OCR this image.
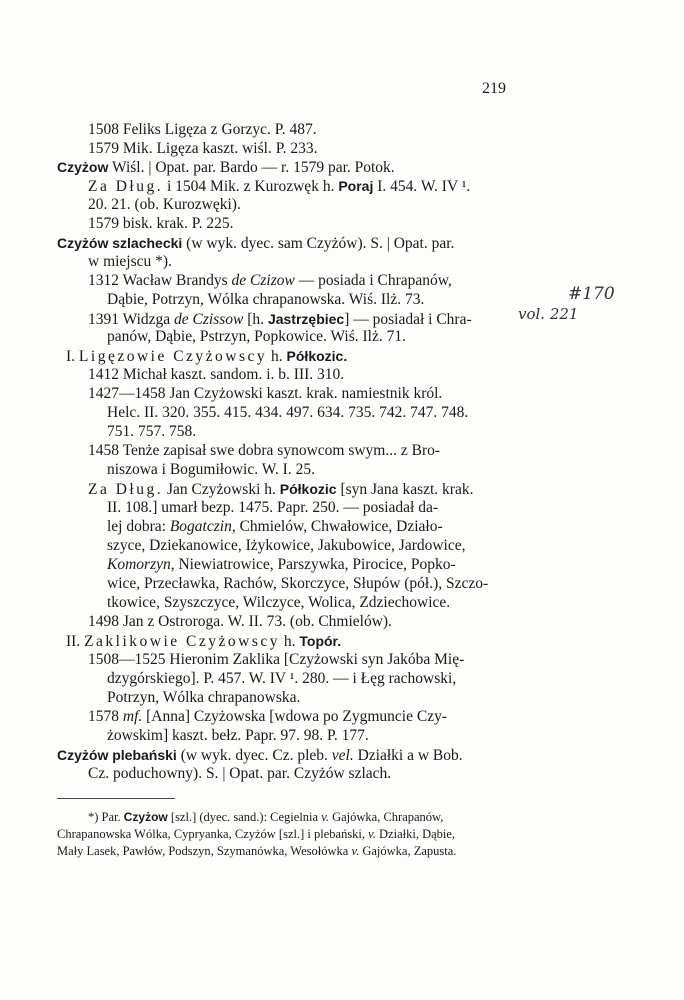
219
1508 Feliks Ligęza z Gorzyc. P. 487.
1579 Mik. Ligęza kaszt. wiśl. P. 233.
Czyżow Wiśl. | Opat. par. Bardo — r. 1579 par. Potok.
Za Dług. i 1504 Mik. z Kurozwęk h. Poraj I. 454. W. IV ¹.
20. 21. (ob. Kurozwęki).
1579 bisk. krak. P. 225.
Czyżów szlachecki (w wyk. dyec. sam Czyżów). S. | Opat. par.
w miejscu *).
1312 Wacław Brandys de Czizow — posiada i Chrapanów,
Dąbie, Potrzyn, Wólka chrapanowska. Wiś. Ilż. 73.
1391 Widzga de Czissow [h. Jastrzębiec] — posiadał i Chra-
panów, Dąbie, Pstrzyn, Popkowice. Wiś. Ilż. 71.
I. Ligęzowie Czyżowscy h. Półkozic.
1412 Michał kaszt. sandom. i. b. III. 310.
1427—1458 Jan Czyżowski kaszt. krak. namiestnik król.
Helc. II. 320. 355. 415. 434. 497. 634. 735. 742. 747. 748.
751. 757. 758.
1458 Tenże zapisał swe dobra synowcom swym... z Bro-
niszowa i Bogumiłowic. W. I. 25.
Za Dług. Jan Czyżowski h. Półkozic [syn Jana kaszt. krak.
II. 108.] umarł bezp. 1475. Papr. 250. — posiadał da-
lej dobra: Bogatczin, Chmielów, Chwałowice, Działo-
szyce, Dziekanowice, Iżykowice, Jakubowice, Jardowice,
Komorzyn, Niewiatrowice, Parszywka, Pirocice, Popko-
wice, Przecławka, Rachów, Skorczyce, Słupów (pół.), Szczo-
tkowice, Szyszczyce, Wilczyce, Wolica, Zdziechowice.
1498 Jan z Ostroroga. W. II. 73. (ob. Chmielów).
II. Zaklikowie Czyżowscy h. Topór.
1508—1525 Hieronim Zaklika [Czyżowski syn Jakóba Mię-
dzygórskiego]. P. 457. W. IV ¹. 280. — i Łęg rachowski,
Potrzyn, Wólka chrapanowska.
1578 mf. [Anna] Czyżowska [wdowa po Zygmuncie Czy-
żowskim] kaszt. bełz. Papr. 97. 98. P. 177.
Czyżów plebański (w wyk. dyec. Cz. pleb. vel. Działki a w Bob.
Cz. poduchowny). S. | Opat. par. Czyżów szlach.
*) Par. Czyżow [szl.] (dyec. sand.): Cegielnia v. Gajówka, Chrapanów,
Chrapanowska Wólka, Cypryanka, Czyżów [szl.] i plebański, v. Działki, Dąbie,
Mały Lasek, Pawłów, Podszyn, Szymanówka, Wesołówka v. Gajówka, Zapusta.
#170
vol. 221
